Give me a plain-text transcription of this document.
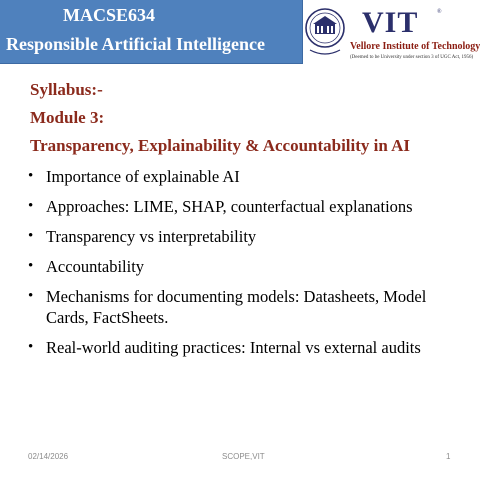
MACSE634
Responsible Artificial Intelligence
VIT	®
Vellore Institute of Technology
(Deemed to be University under section 3 of UGC Act, 1956)
Syllabus:-
Module 3:
Transparency, Explainability & Accountability in AI
• Importance of explainable AI
• Approaches: LIME, SHAP, counterfactual explanations
• Transparency vs interpretability
• Accountability
• Mechanisms for documenting models: Datasheets, Model Cards, FactSheets.
• Real-world auditing practices: Internal vs external audits
02/14/2026	SCOPE,VIT	1
